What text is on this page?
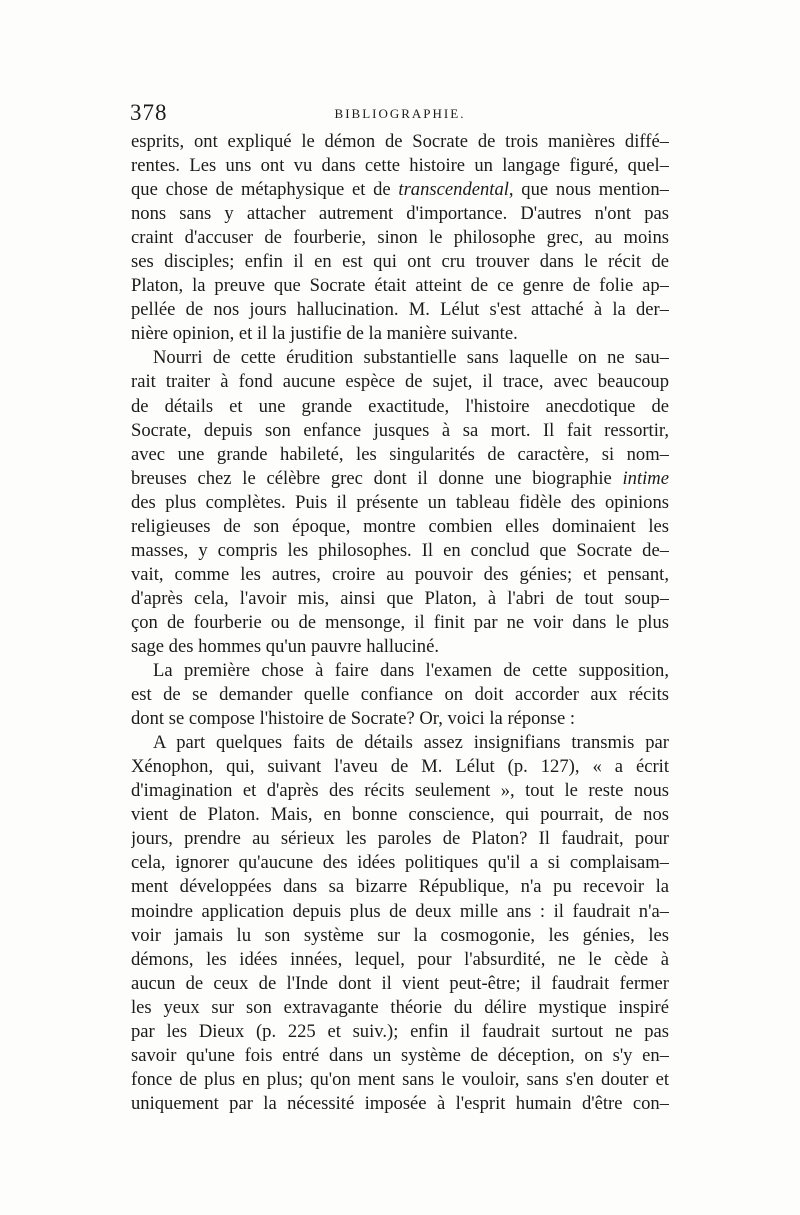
378	BIBLIOGRAPHIE.
esprits, ont expliqué le démon de Socrate de trois manières diffé–
rentes. Les uns ont vu dans cette histoire un langage figuré, quel–
que chose de métaphysique et de transcendental, que nous mention–
nons sans y attacher autrement d'importance. D'autres n'ont pas
craint d'accuser de fourberie, sinon le philosophe grec, au moins
ses disciples; enfin il en est qui ont cru trouver dans le récit de
Platon, la preuve que Socrate était atteint de ce genre de folie ap–
pellée de nos jours hallucination. M. Lélut s'est attaché à la der–
nière opinion, et il la justifie de la manière suivante.
Nourri de cette érudition substantielle sans laquelle on ne sau–
rait traiter à fond aucune espèce de sujet, il trace, avec beaucoup
de détails et une grande exactitude, l'histoire anecdotique de
Socrate, depuis son enfance jusques à sa mort. Il fait ressortir,
avec une grande habileté, les singularités de caractère, si nom–
breuses chez le célèbre grec dont il donne une biographie intime
des plus complètes. Puis il présente un tableau fidèle des opinions
religieuses de son époque, montre combien elles dominaient les
masses, y compris les philosophes. Il en conclud que Socrate de–
vait, comme les autres, croire au pouvoir des génies; et pensant,
d'après cela, l'avoir mis, ainsi que Platon, à l'abri de tout soup–
çon de fourberie ou de mensonge, il finit par ne voir dans le plus
sage des hommes qu'un pauvre halluciné.
La première chose à faire dans l'examen de cette supposition,
est de se demander quelle confiance on doit accorder aux récits
dont se compose l'histoire de Socrate? Or, voici la réponse :
A part quelques faits de détails assez insignifians transmis par
Xénophon, qui, suivant l'aveu de M. Lélut (p. 127), « a écrit
d'imagination et d'après des récits seulement », tout le reste nous
vient de Platon. Mais, en bonne conscience, qui pourrait, de nos
jours, prendre au sérieux les paroles de Platon? Il faudrait, pour
cela, ignorer qu'aucune des idées politiques qu'il a si complaisam–
ment développées dans sa bizarre République, n'a pu recevoir la
moindre application depuis plus de deux mille ans : il faudrait n'a–
voir jamais lu son système sur la cosmogonie, les génies, les
démons, les idées innées, lequel, pour l'absurdité, ne le cède à
aucun de ceux de l'Inde dont il vient peut-être; il faudrait fermer
les yeux sur son extravagante théorie du délire mystique inspiré
par les Dieux (p. 225 et suiv.); enfin il faudrait surtout ne pas
savoir qu'une fois entré dans un système de déception, on s'y en–
fonce de plus en plus; qu'on ment sans le vouloir, sans s'en douter et
uniquement par la nécessité imposée à l'esprit humain d'être con–
